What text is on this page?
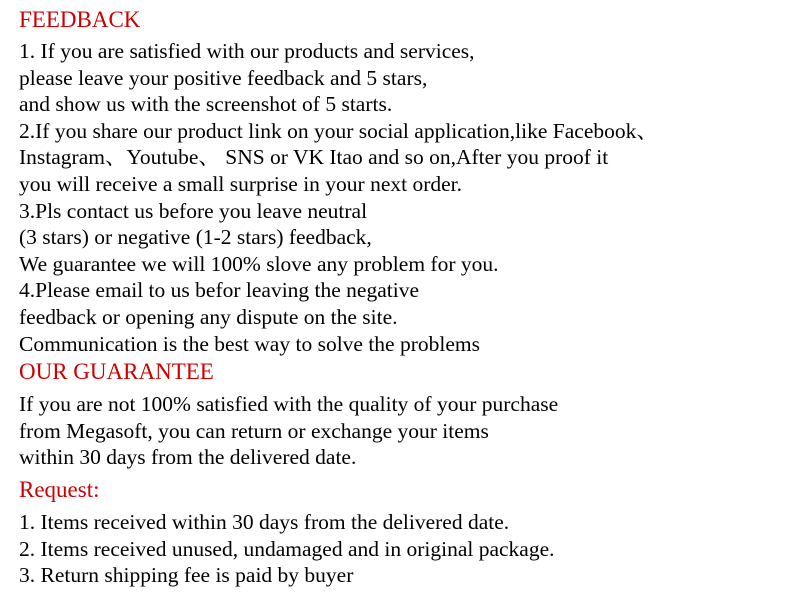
FEEDBACK
1. If you are satisfied with our products and services,
please leave your positive feedback and 5 stars,
and show us with the screenshot of 5 starts.
2.If you share our product link on your social application,like Facebook、
Instagram、Youtube、 SNS or VK Itao and so on,After you proof it
you will receive a small surprise in your next order.
3.Pls contact us before you leave neutral
(3 stars) or negative (1-2 stars) feedback,
We guarantee we will 100% slove any problem for you.
4.Please email to us befor leaving the negative
feedback or opening any dispute on the site.
Communication is the best way to solve the problems
OUR GUARANTEE
If you are not 100% satisfied with the quality of your purchase
from Megasoft, you can return or exchange your items
within 30 days from the delivered date.
Request:
1. Items received within 30 days from the delivered date.
2. Items received unused, undamaged and in original package.
3. Return shipping fee is paid by buyer
